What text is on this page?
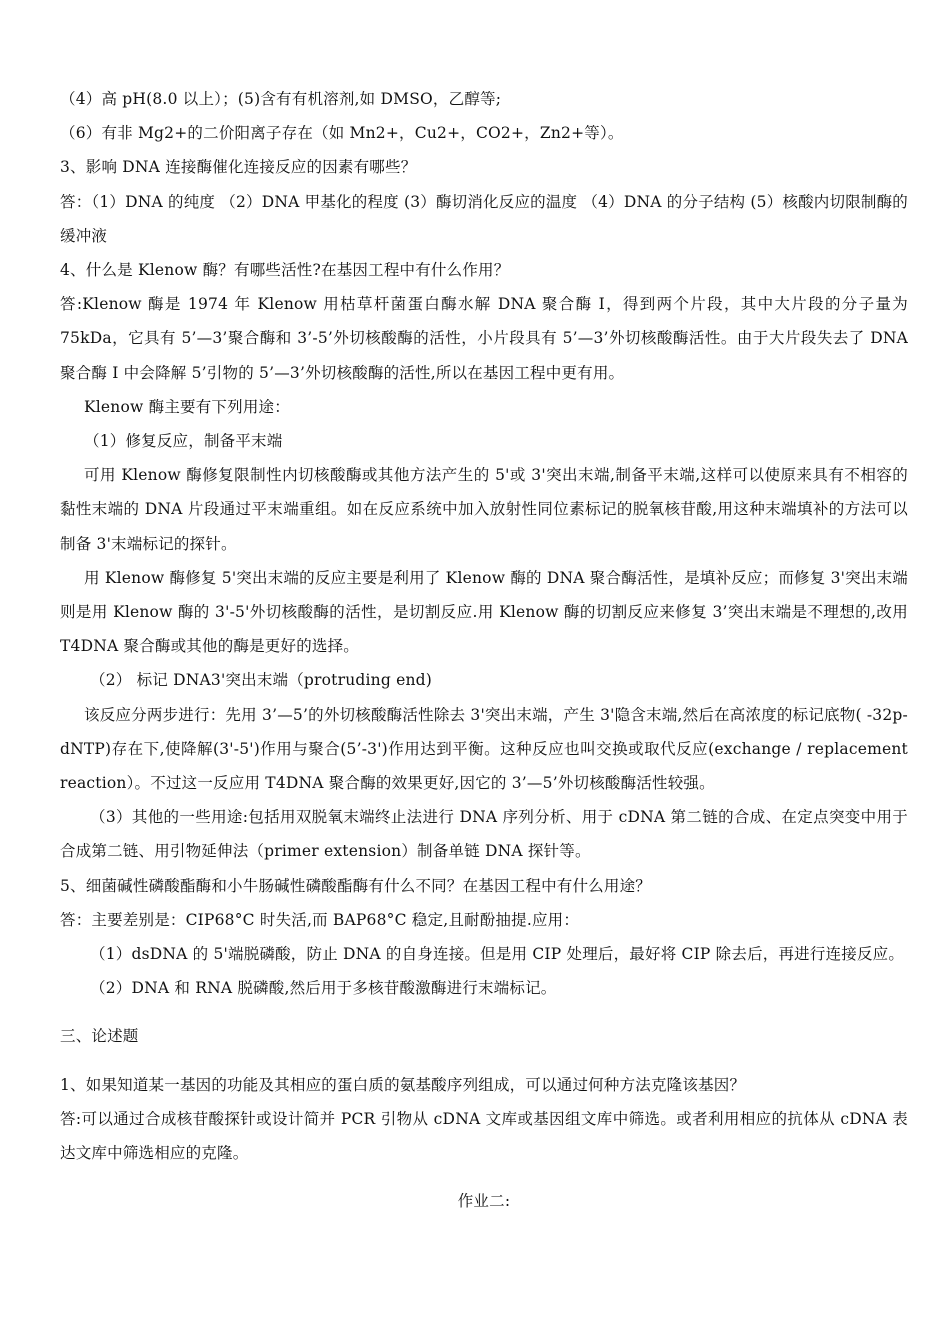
（4）高 pH(8.0 以上）；(5)含有有机溶剂,如 DMSO，乙醇等;

（6）有非 Mg2+的二价阳离子存在（如 Mn2+，Cu2+，CO2+，Zn2+等）。

3、影响 DNA 连接酶催化连接反应的因素有哪些？

答：（1）DNA 的纯度 （2）DNA 甲基化的程度 (3）酶切消化反应的温度 （4）DNA 的分子结构 (5）核酸内切限制酶的缓冲液

4、什么是 Klenow 酶？有哪些活性?在基因工程中有什么作用？

答:Klenow 酶是 1974 年 Klenow 用枯草杆菌蛋白酶水解 DNA 聚合酶 I，得到两个片段，其中大片段的分子量为 75kDa，它具有 5’—3’聚合酶和 3’-5’外切核酸酶的活性，小片段具有 5’—3’外切核酸酶活性。由于大片段失去了 DNA 聚合酶 I 中会降解 5’引物的 5’—3’外切核酸酶的活性,所以在基因工程中更有用。

Klenow 酶主要有下列用途：

（1）修复反应，制备平末端

可用 Klenow 酶修复限制性内切核酸酶或其他方法产生的 5'或 3'突出末端,制备平末端,这样可以使原来具有不相容的黏性末端的 DNA 片段通过平末端重组。如在反应系统中加入放射性同位素标记的脱氧核苷酸,用这种末端填补的方法可以制备 3'末端标记的探针。

用 Klenow 酶修复 5'突出末端的反应主要是利用了 Klenow 酶的 DNA 聚合酶活性，是填补反应；而修复 3'突出末端则是用 Klenow 酶的 3'-5'外切核酸酶的活性，是切割反应.用 Klenow 酶的切割反应来修复 3’突出末端是不理想的,改用 T4DNA 聚合酶或其他的酶是更好的选择。

（2） 标记 DNA3'突出末端（protruding end)

该反应分两步进行：先用 3’—5’的外切核酸酶活性除去 3'突出末端，产生 3'隐含末端,然后在高浓度的标记底物( -32p-dNTP)存在下,使降解(3'-5')作用与聚合(5’-3')作用达到平衡。这种反应也叫交换或取代反应(exchange / replacement reaction）。不过这一反应用 T4DNA 聚合酶的效果更好,因它的 3’—5’外切核酸酶活性较强。

（3）其他的一些用途:包括用双脱氧末端终止法进行 DNA 序列分析、用于 cDNA 第二链的合成、在定点突变中用于合成第二链、用引物延伸法（primer extension）制备单链 DNA 探针等。

5、细菌碱性磷酸酯酶和小牛肠碱性磷酸酯酶有什么不同？在基因工程中有什么用途？

答：主要差别是：CIP68°C 时失活,而 BAP68°C 稳定,且耐酚抽提.应用：

（1）dsDNA 的 5'端脱磷酸，防止 DNA 的自身连接。但是用 CIP 处理后，最好将 CIP 除去后，再进行连接反应。

（2）DNA 和 RNA 脱磷酸,然后用于多核苷酸激酶进行末端标记。

三、论述题

1、如果知道某一基因的功能及其相应的蛋白质的氨基酸序列组成，可以通过何种方法克隆该基因？

答:可以通过合成核苷酸探针或设计简并 PCR 引物从 cDNA 文库或基因组文库中筛选。或者利用相应的抗体从 cDNA 表达文库中筛选相应的克隆。

作业二:
